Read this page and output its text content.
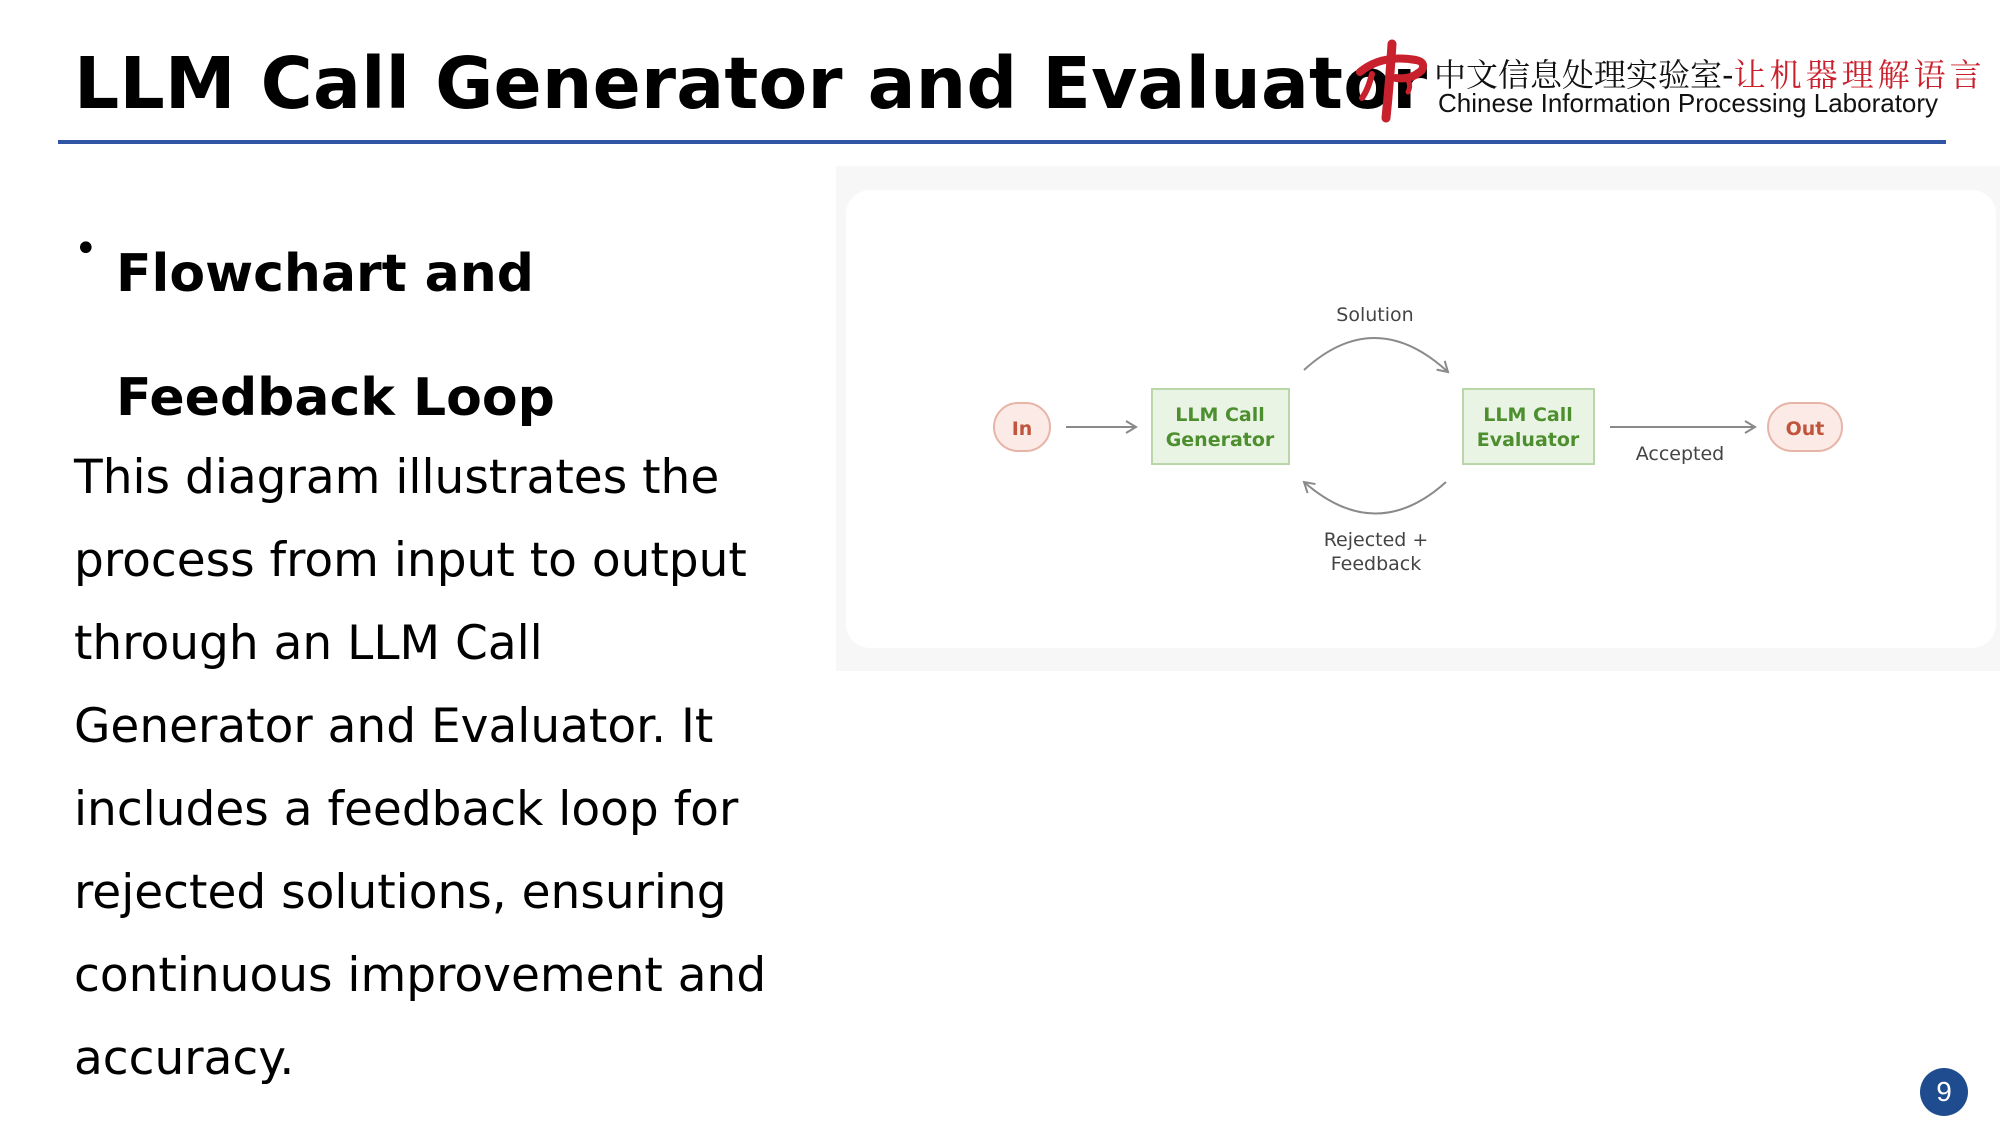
LLM Call Generator and Evaluator 中文信息处理实验室-让机器理解语言
Chinese Information Processing Laboratory
• Flowchart and Feedback Loop
This diagram illustrates the process from input to output through an LLM Call Generator and Evaluator. It includes a feedback loop for rejected solutions, ensuring continuous improvement and accuracy.
In
LLM Call
Generator
Solution
Rejected +
Feedback
LLM Call
Evaluator
Accepted
Out
9
